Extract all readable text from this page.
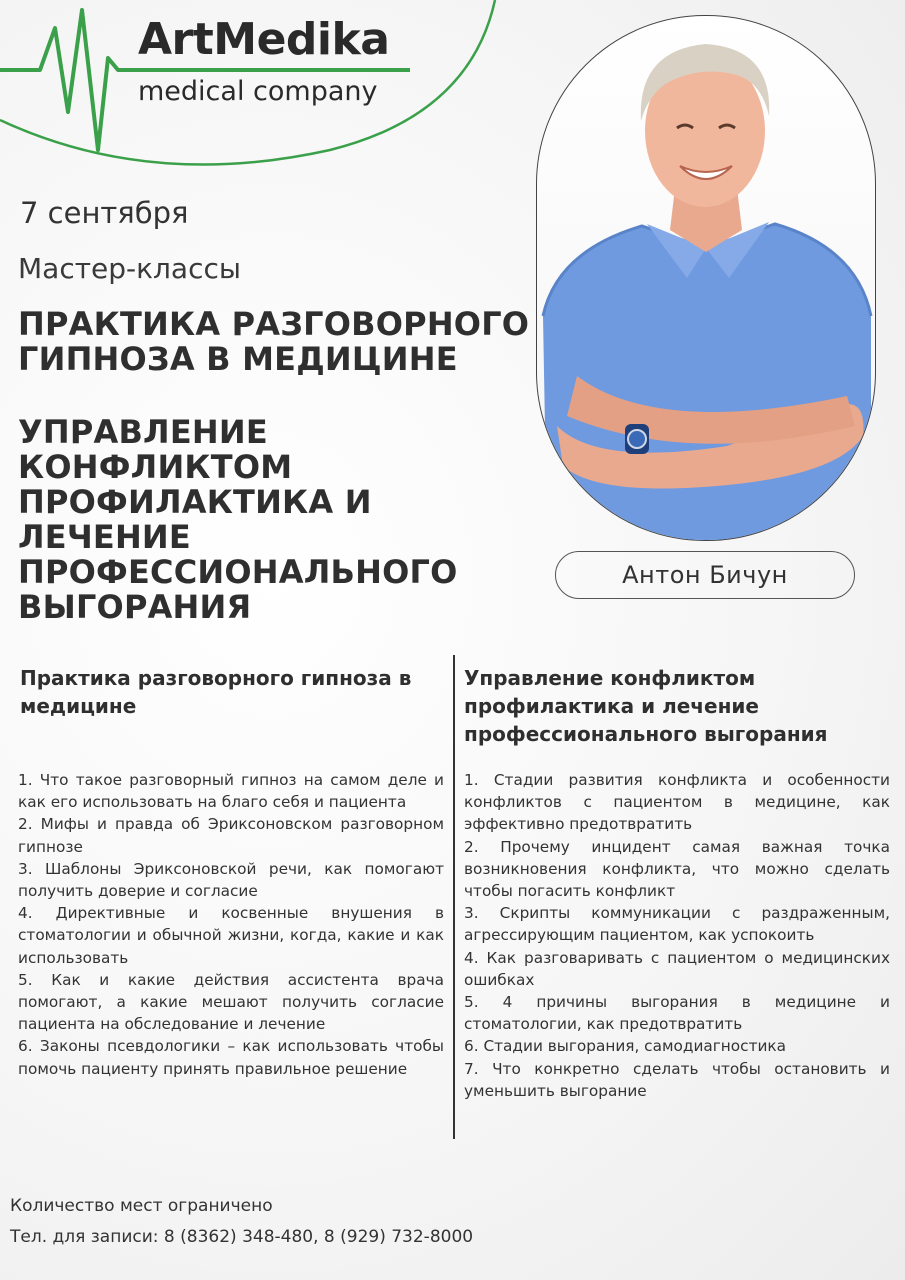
ArtMedika
medical company
7 сентября
Мастер-классы
ПРАКТИКА РАЗГОВОРНОГО
ГИПНОЗА В МЕДИЦИНЕ
УПРАВЛЕНИЕ
КОНФЛИКТОМ
ПРОФИЛАКТИКА И
ЛЕЧЕНИЕ
ПРОФЕССИОНАЛЬНОГО
ВЫГОРАНИЯ
Антон Бичун
Практика разговорного гипноза в медицине
Управление конфликтом профилактика и лечение профессионального выгорания
1. Что такое разговорный гипноз на самом деле и как его использовать на благо себя и пациента
2. Мифы и правда об Эриксоновском разговорном гипнозе
3. Шаблоны Эриксоновской речи, как помогают получить доверие и согласие
4. Директивные и косвенные внушения в стоматологии и обычной жизни, когда, какие и как использовать
5. Как и какие действия ассистента врача помогают, а какие мешают получить согласие пациента на обследование и лечение
6. Законы псевдологики – как использовать чтобы помочь пациенту принять правильное решение
1. Стадии развития конфликта и особенности конфликтов с пациентом в медицине, как эффективно предотвратить
2. Прочему инцидент самая важная точка возникновения конфликта, что можно сделать чтобы погасить конфликт
3. Скрипты коммуникации с раздраженным, агрессирующим пациентом, как успокоить
4. Как разговаривать с пациентом о медицинских ошибках
5. 4 причины выгорания в медицине и стоматологии, как предотвратить
6. Стадии выгорания, самодиагностика
7. Что конкретно сделать чтобы остановить и уменьшить выгорание
Количество мест ограничено
Тел. для записи: 8 (8362) 348-480, 8 (929) 732-8000
